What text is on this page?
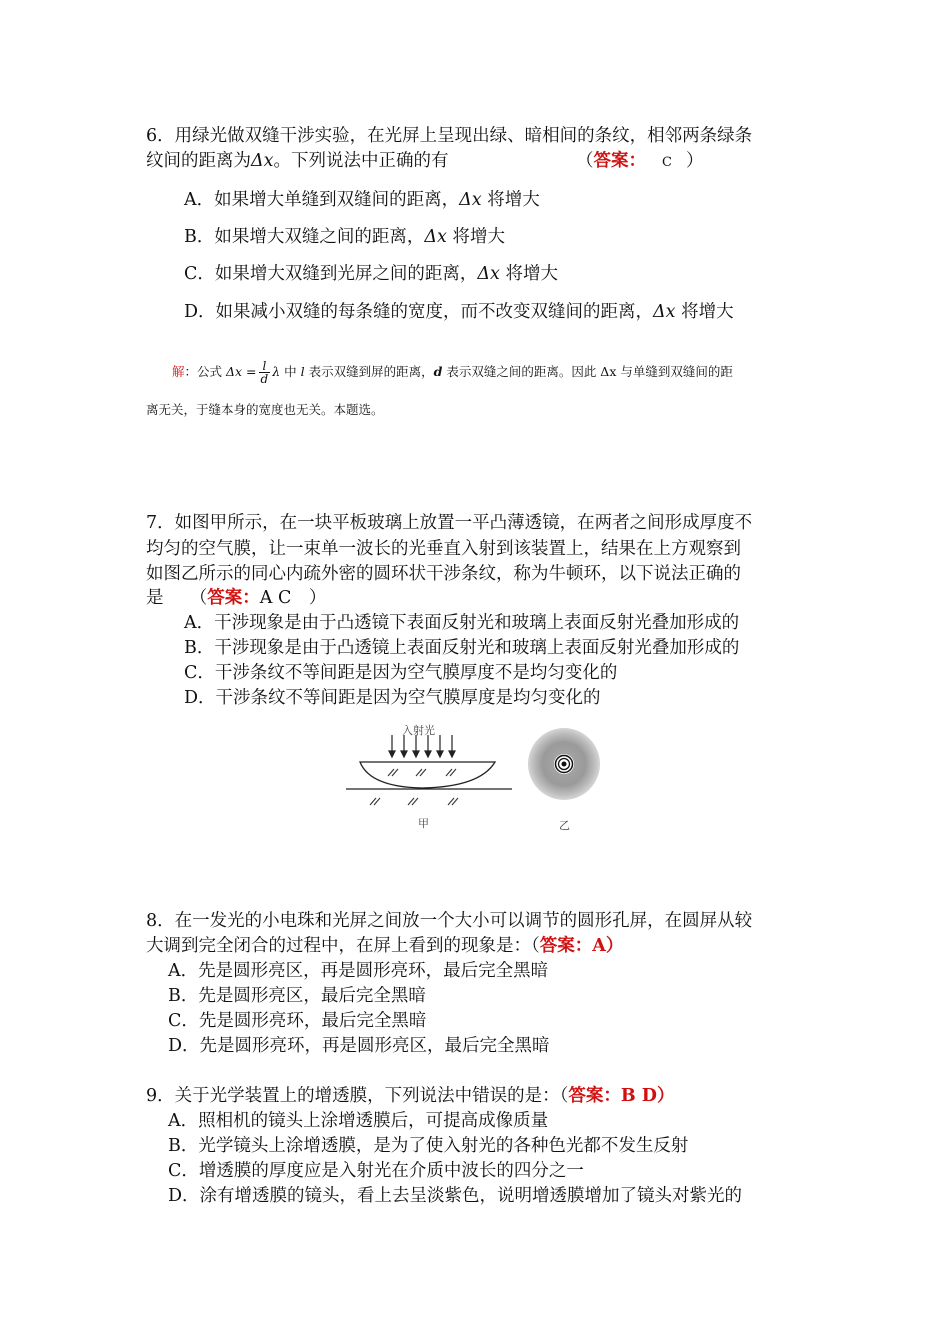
6．用绿光做双缝干涉实验，在光屏上呈现出绿、暗相间的条纹，相邻两条绿条
纹间的距离为Δx。下列说法中正确的有	（答案： C ）
A．如果增大单缝到双缝间的距离，Δx 将增大
B．如果增大双缝之间的距离，Δx 将增大
C．如果增大双缝到光屏之间的距离，Δx 将增大
D．如果减小双缝的每条缝的宽度，而不改变双缝间的距离，Δx 将增大
解：公式 $\Delta x = \frac{l}{d}$ λ 中 l 表示双缝到屏的距离，d 表示双缝之间的距离。因此 Δx 与单缝到双缝间的距
离无关，于缝本身的宽度也无关。本题选。
7．如图甲所示，在一块平板玻璃上放置一平凸薄透镜，在两者之间形成厚度不
均匀的空气膜，让一束单一波长的光垂直入射到该装置上，结果在上方观察到
如图乙所示的同心内疏外密的圆环状干涉条纹，称为牛顿环，以下说法正确的
是　　（答案：A C　）
A．干涉现象是由于凸透镜下表面反射光和玻璃上表面反射光叠加形成的
B．干涉现象是由于凸透镜上表面反射光和玻璃上表面反射光叠加形成的
C．干涉条纹不等间距是因为空气膜厚度不是均匀变化的
D．干涉条纹不等间距是因为空气膜厚度是均匀变化的
入射光
甲	乙
8．在一发光的小电珠和光屏之间放一个大小可以调节的圆形孔屏，在圆屏从较
大调到完全闭合的过程中，在屏上看到的现象是：（答案：A）
A．先是圆形亮区，再是圆形亮环，最后完全黑暗
B．先是圆形亮区，最后完全黑暗
C．先是圆形亮环，最后完全黑暗
D．先是圆形亮环，再是圆形亮区，最后完全黑暗
9．关于光学装置上的增透膜，下列说法中错误的是：（答案：B D）
A．照相机的镜头上涂增透膜后，可提高成像质量
B．光学镜头上涂增透膜，是为了使入射光的各种色光都不发生反射
C．增透膜的厚度应是入射光在介质中波长的四分之一
D．涂有增透膜的镜头，看上去呈淡紫色，说明增透膜增加了镜头对紫光的
